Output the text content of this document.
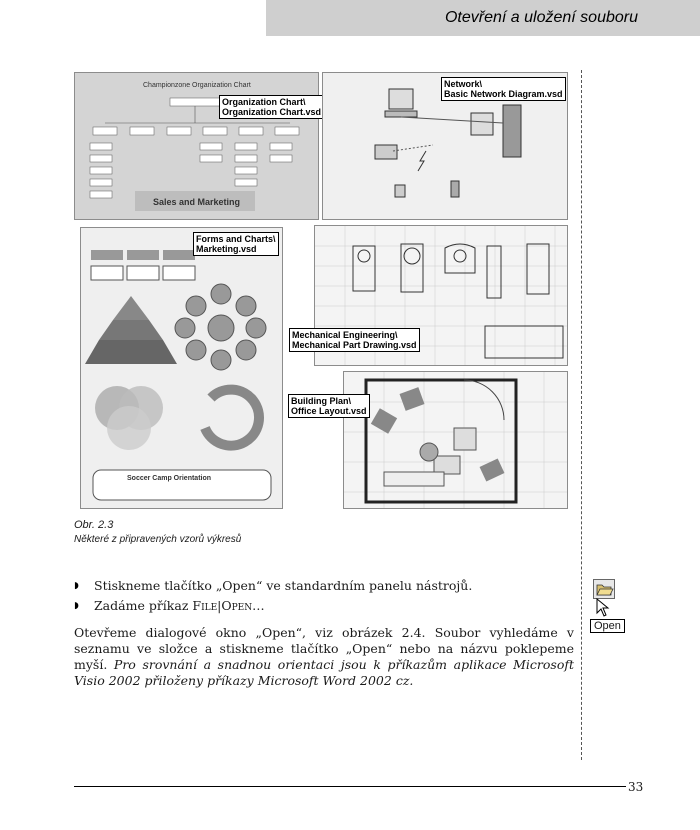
Otevření a uložení souboru
Championzone Organization Chart
Sales and Marketing
Organization Chart\
Organization Chart.vsd
Network\
Basic Network Diagram.vsd
Soccer Camp Orientation
Forms and Charts\
Marketing.vsd
Mechanical Engineering\
Mechanical Part Drawing.vsd
Building Plan\
Office Layout.vsd
Obr. 2.3
Některé z připravených vzorů výkresů
◗	Stiskneme tlačítko „Open“ ve standardním panelu nástrojů.
◗	Zadáme příkaz
File|Open …
Otevřeme dialogové okno „Open“, viz obrázek 2.4. Soubor vyhledáme v seznamu ve složce a stiskneme tlačítko „Open“ nebo na názvu poklepeme myší. Pro srovnání a snadnou orientaci jsou k příkazům aplikace Microsoft Visio 2002 přiloženy příkazy Microsoft Word 2002 cz.
Open
33
